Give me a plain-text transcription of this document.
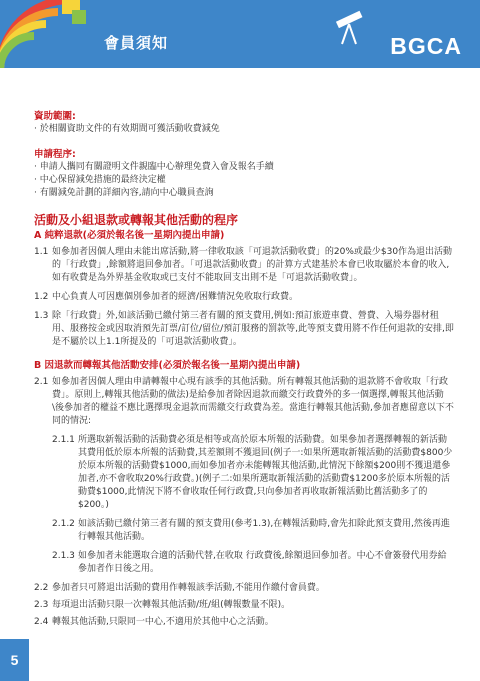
會員須知	BGCA

資助範圍:

· 於相關資助文件的有效期間可獲活動收費減免

申請程序:

· 申請人攜同有關證明文件親臨中心辦理免費入會及報名手續

· 中心保留減免措施的最終決定權

· 有關減免計劃的詳細內容,請向中心職員查詢

活動及小組退款或轉報其他活動的程序

A 純粹退款(必須於報名後一星期內提出申請)

1.1 如參加者因個人理由未能出席活動,將一律收取該「可退款活動收費」的20%或最少$30作為退出活動的「行政費」,餘額將退回參加者。「可退款活動收費」的計算方式建基於本會已收取屬於本會的收入,如有收費是為外界基金收取或已支付不能取回支出則不是「可退款活動收費」。
1.2 中心負責人可因應個別參加者的經濟/困難情況免收取行政費。
1.3 除「行政費」外,如該活動已繳付第三者有關的預支費用,例如:預訂旅遊車費、營費、入場券器材租用、服務按金或因取消預先訂票/訂位/留位/預訂服務的罰款等,此等預支費用將不作任何退款的安排,即是不屬於以上1.1所提及的「可退款活動收費」。

B 因退款而轉報其他活動安排(必須於報名後一星期內提出申請)

2.1 如參加者因個人理由申請轉報中心現有該季的其他活動。所有轉報其他活動的退款將不會收取「行政費」。原則上,轉報其他活動的做法)是給參加者除因退款而繳交行政費外的多一個選擇,轉報其他活動\後參加者的權益不應比選擇現金退款而需繳交行政費為差。當進行轉報其他活動,參加者應留意以下不同的情況:
2.1.1 所選取新報活動的活動費必須是相等或高於原本所報的活動費。如果參加者選擇轉報的新活動其費用低於原本所報的活動費,其差額則不獲退回(例子一:如果所選取新報活動的活動費$800少於原本所報的活動費$1000,而如參加者亦未能轉報其他活動,此情況下餘額$200則不獲退還參加者,亦不會收取20%行政費。)(例子二:如果所選取新報活動的活動費$1200多於原本所報的活動費$1000,此情況下將不會收取任何行政費,只向參加者再收取新報活動比舊活動多了的$200。)
2.1.2 如該活動已繳付第三者有關的預支費用(參考1.3),在轉報活動時,會先扣除此預支費用,然後再進行轉報其他活動。
2.1.3 如參加者未能選取合適的活動代替,在收取 行政費後,餘額退回參加者。中心不會簽發代用券給參加者作日後之用。
2.2 參加者只可將退出活動的費用作轉報該季活動,不能用作繳付會員費。
2.3 每項退出活動只限一次轉報其他活動/班/組(轉報數量不限)。
2.4 轉報其他活動,只限同一中心,不適用於其他中心之活動。
5
